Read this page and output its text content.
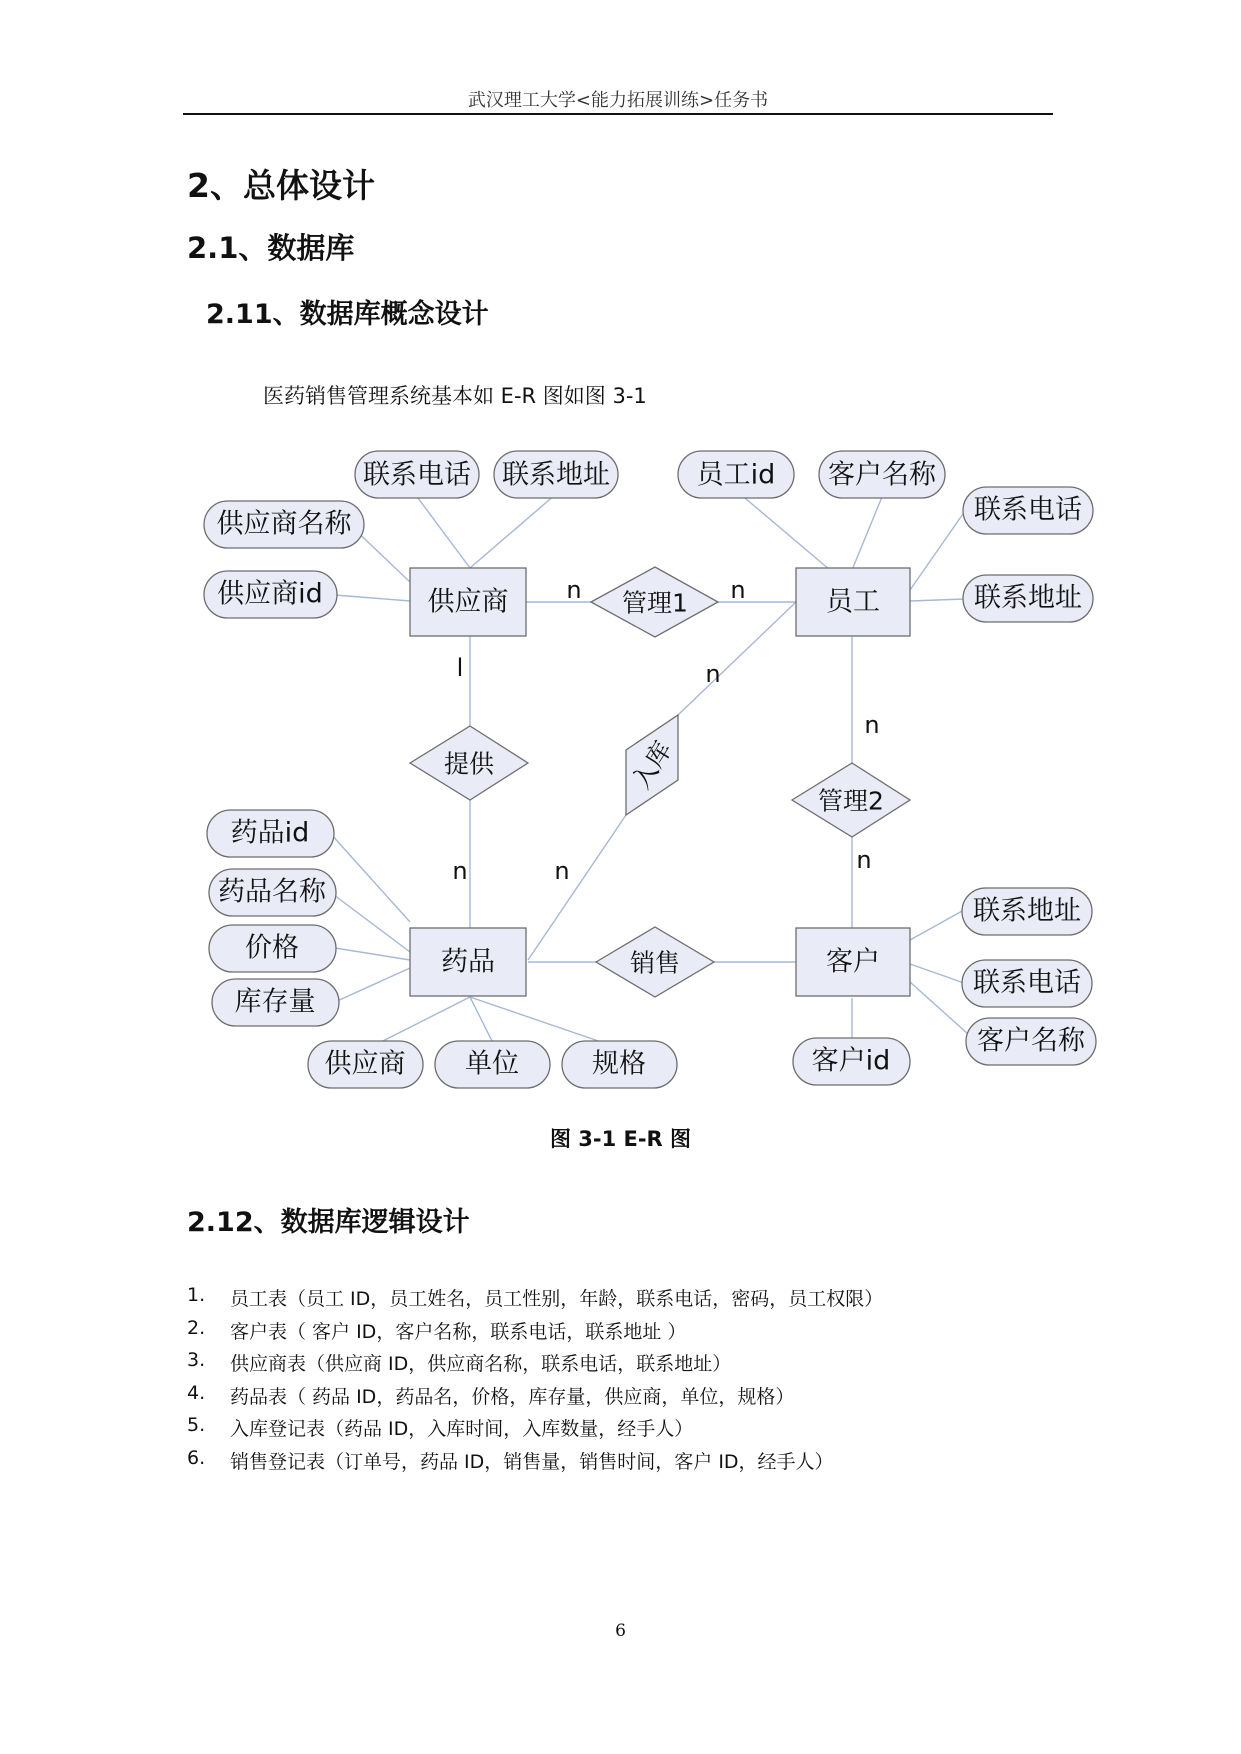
武汉理工大学<能力拓展训练>任务书
2、总体设计
2.1、数据库
2.11、数据库概念设计
医药销售管理系统基本如 E-R 图如图 3-1
联系电话 联系地址
供应商名称
供应商id
员工id 客户名称
联系电话
联系地址
药品id
药品名称
价格
库存量
供应商 单位	规格
联系地址
联系电话
客户名称
客户id
供应商	员工
药品	客户
管理1
提供
管理2
销售
入库
n	n
l
n
n
n
n
n
图 3-1 E-R 图
2.12、数据库逻辑设计
1.	员工表（员工 ID，员工姓名，员工性别，年龄，联系电话，密码，员工权限）
2.	客户表（ 客户 ID，客户名称，联系电话，联系地址 ）
3.	供应商表（供应商 ID，供应商名称，联系电话，联系地址）
4.	药品表（ 药品 ID，药品名，价格，库存量，供应商，单位，规格）
5.	入库登记表（药品 ID，入库时间，入库数量，经手人）
6.	销售登记表（订单号，药品 ID，销售量，销售时间，客户 ID，经手人）
6
